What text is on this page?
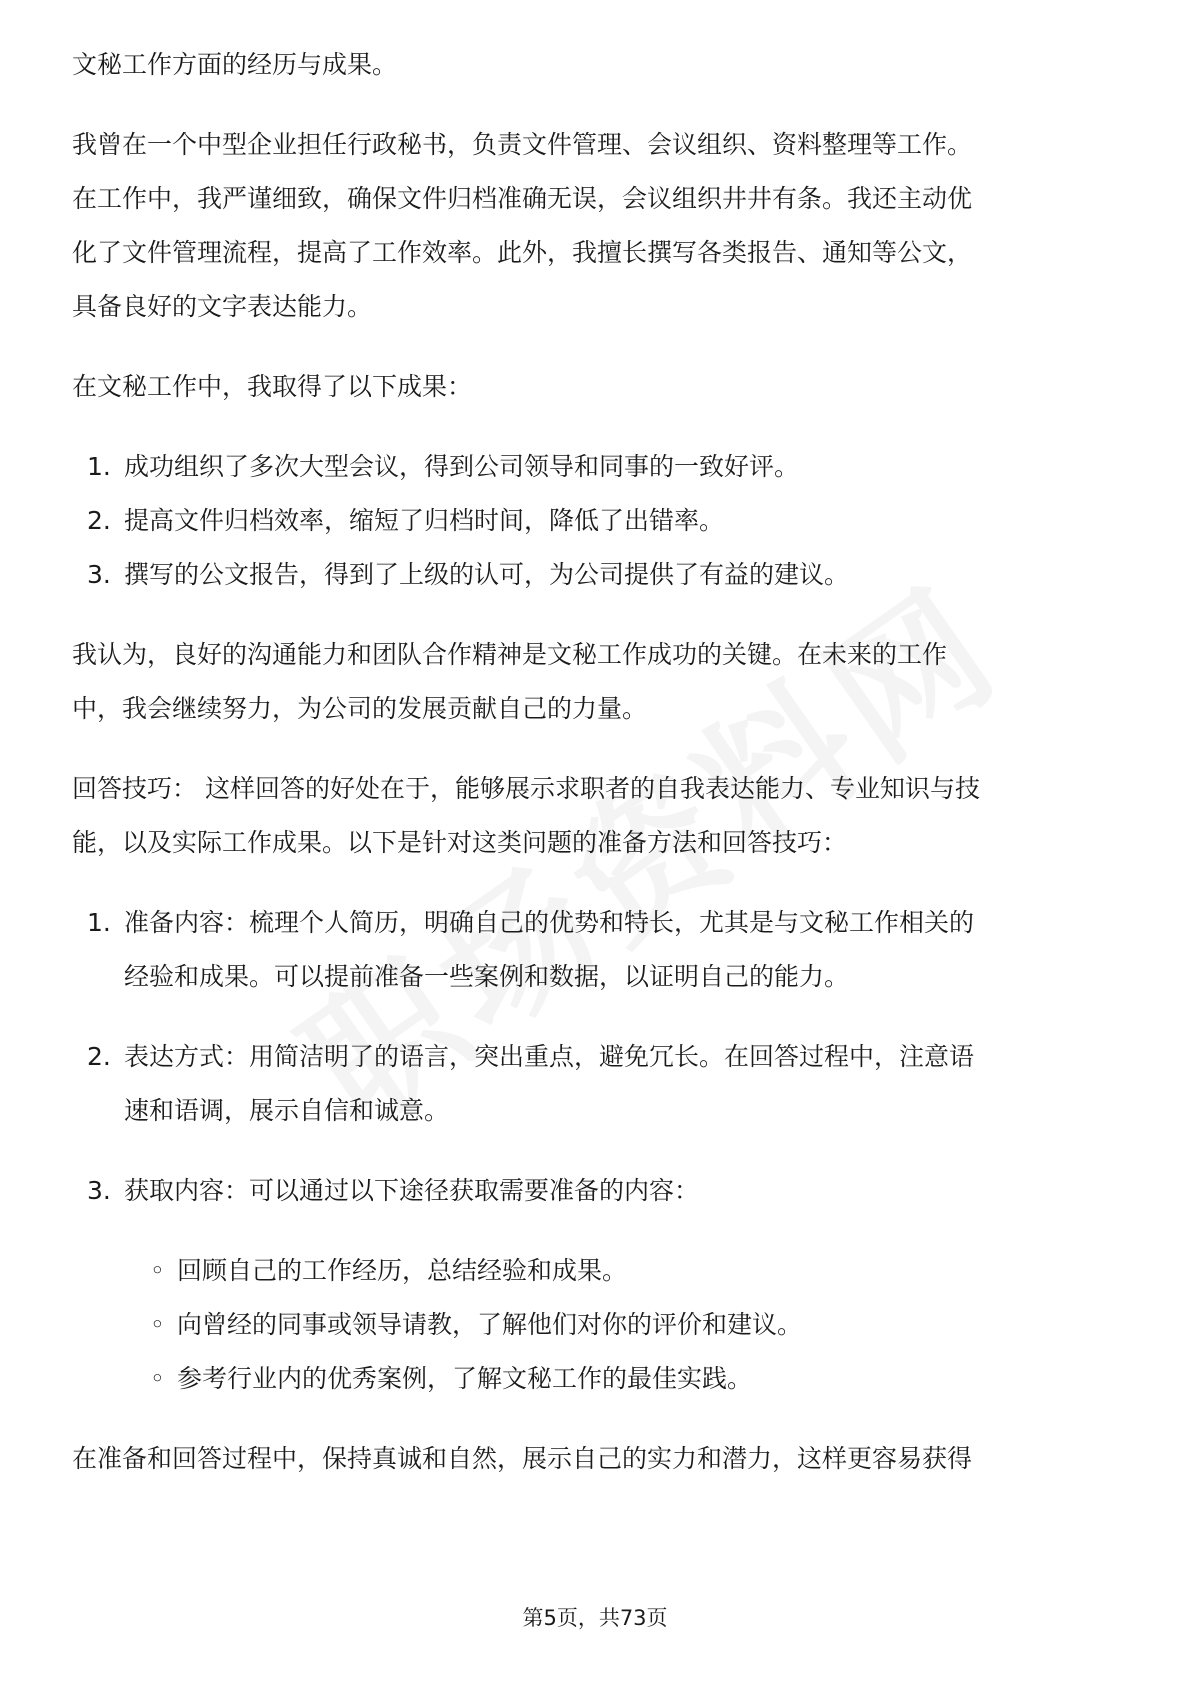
文秘工作方面的经历与成果。

我曾在一个中型企业担任行政秘书，负责文件管理、会议组织、资料整理等工作。

在工作中，我严谨细致，确保文件归档准确无误，会议组织井井有条。我还主动优

化了文件管理流程，提高了工作效率。此外，我擅长撰写各类报告、通知等公文，

具备良好的文字表达能力。

在文秘工作中，我取得了以下成果：

1. 成功组织了多次大型会议，得到公司领导和同事的一致好评。
2. 提高文件归档效率，缩短了归档时间，降低了出错率。
3. 撰写的公文报告，得到了上级的认可，为公司提供了有益的建议。

我认为，良好的沟通能力和团队合作精神是文秘工作成功的关键。在未来的工作

中，我会继续努力，为公司的发展贡献自己的力量。

回答技巧： 这样回答的好处在于，能够展示求职者的自我表达能力、专业知识与技

能，以及实际工作成果。以下是针对这类问题的准备方法和回答技巧：

1. 准备内容：梳理个人简历，明确自己的优势和特长，尤其是与文秘工作相关的
经验和成果。可以提前准备一些案例和数据，以证明自己的能力。
2. 表达方式：用简洁明了的语言，突出重点，避免冗长。在回答过程中，注意语
速和语调，展示自信和诚意。
3. 获取内容：可以通过以下途径获取需要准备的内容：
◦ 回顾自己的工作经历，总结经验和成果。
◦ 向曾经的同事或领导请教，了解他们对你的评价和建议。
◦ 参考行业内的优秀案例，了解文秘工作的最佳实践。

在准备和回答过程中，保持真诚和自然，展示自己的实力和潜力，这样更容易获得

第5页，共73页
